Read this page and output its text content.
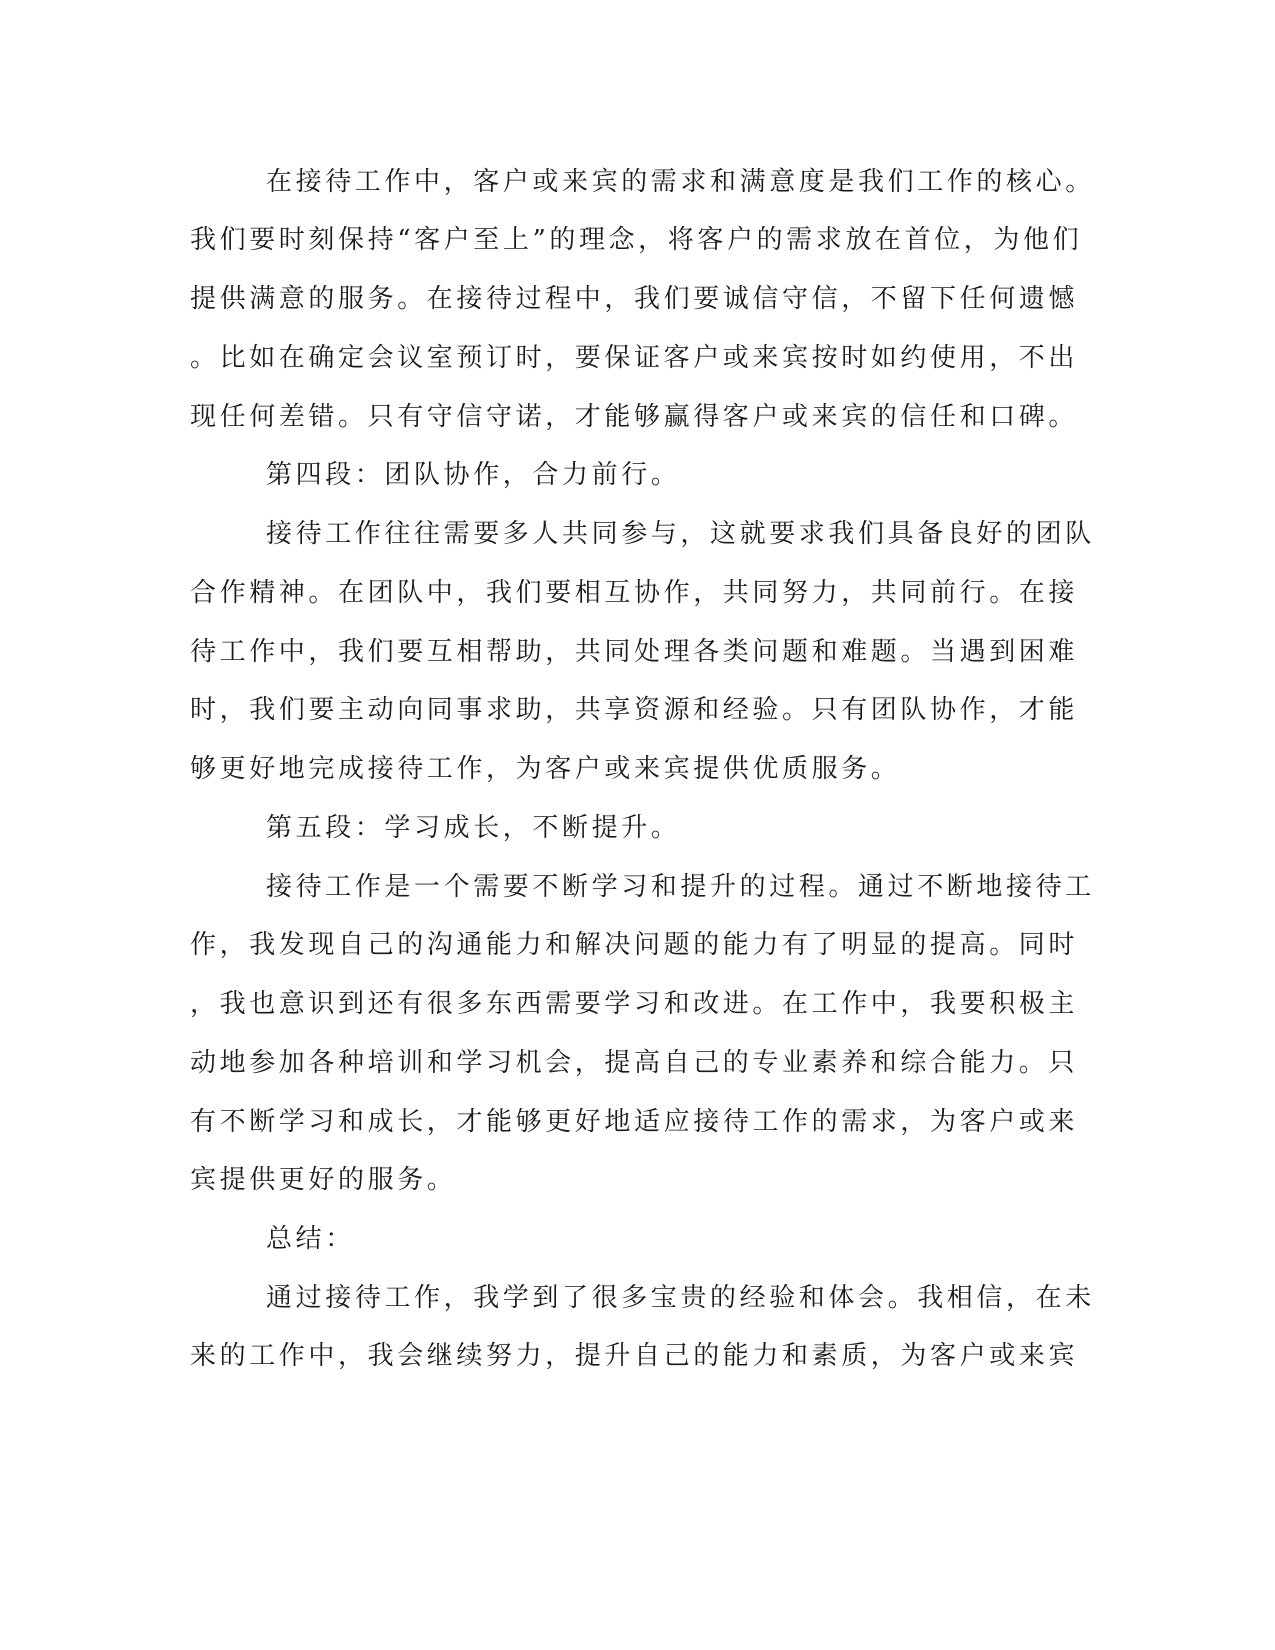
在接待工作中，客户或来宾的需求和满意度是我们工作的核心。
我们要时刻保持“客户至上”的理念，将客户的需求放在首位，为他们
提供满意的服务。在接待过程中，我们要诚信守信，不留下任何遗憾
。比如在确定会议室预订时，要保证客户或来宾按时如约使用，不出
现任何差错。只有守信守诺，才能够赢得客户或来宾的信任和口碑。
第四段：团队协作，合力前行。
接待工作往往需要多人共同参与，这就要求我们具备良好的团队
合作精神。在团队中，我们要相互协作，共同努力，共同前行。在接
待工作中，我们要互相帮助，共同处理各类问题和难题。当遇到困难
时，我们要主动向同事求助，共享资源和经验。只有团队协作，才能
够更好地完成接待工作，为客户或来宾提供优质服务。
第五段：学习成长，不断提升。
接待工作是一个需要不断学习和提升的过程。通过不断地接待工
作，我发现自己的沟通能力和解决问题的能力有了明显的提高。同时
，我也意识到还有很多东西需要学习和改进。在工作中，我要积极主
动地参加各种培训和学习机会，提高自己的专业素养和综合能力。只
有不断学习和成长，才能够更好地适应接待工作的需求，为客户或来
宾提供更好的服务。
总结：
通过接待工作，我学到了很多宝贵的经验和体会。我相信，在未
来的工作中，我会继续努力，提升自己的能力和素质，为客户或来宾
